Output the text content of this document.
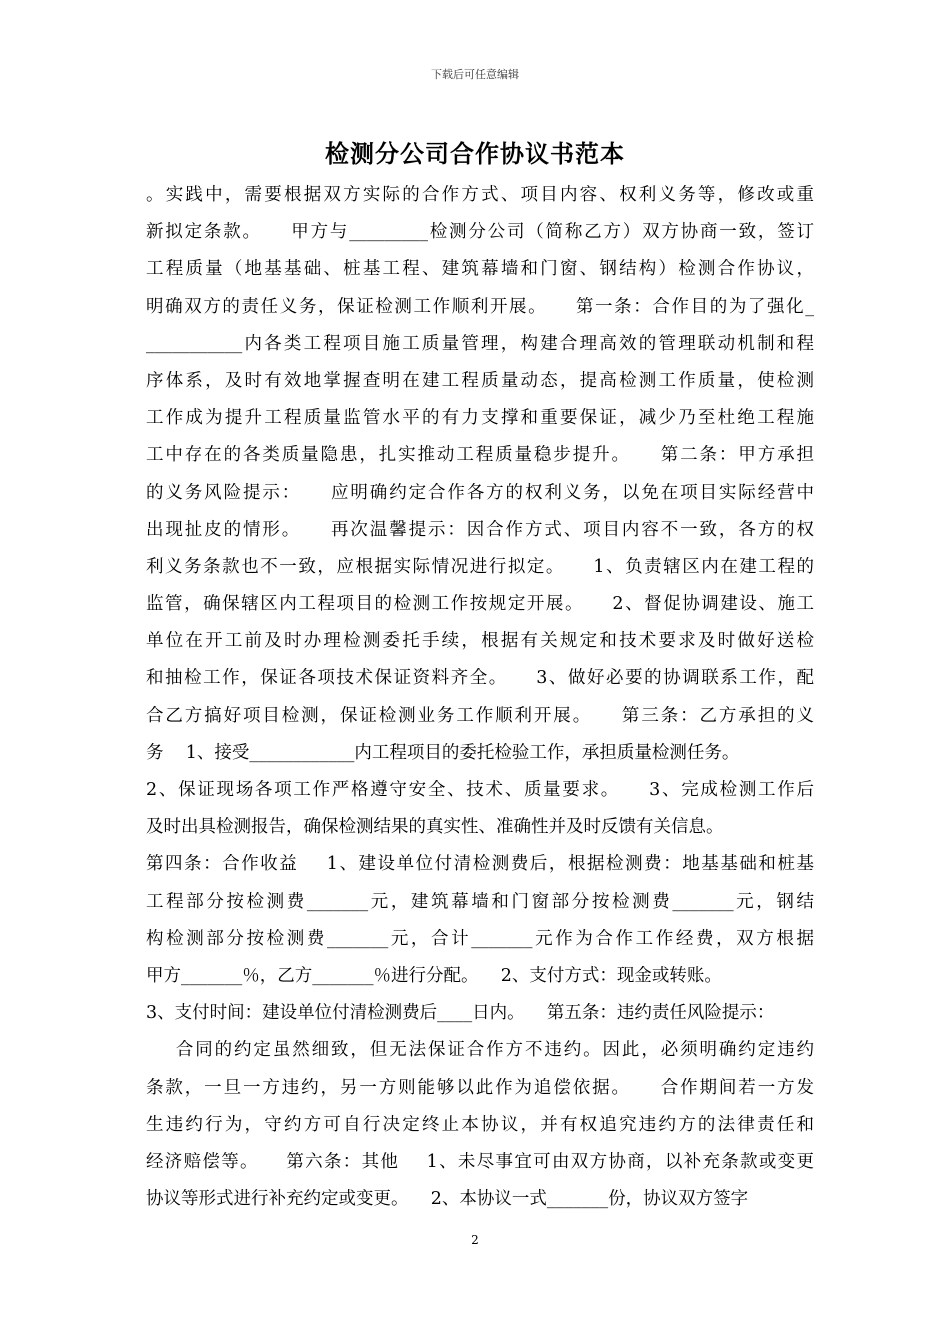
下载后可任意编辑
检测分公司合作协议书范本
。实践中，需要根据双方实际的合作方式、项目内容、权利义务等，修改或重
新拟定条款。    甲方与_________检测分公司（简称乙方）双方协商一致，签订
工程质量（地基基础、桩基工程、建筑幕墙和门窗、钢结构）检测合作协议，
明确双方的责任义务，保证检测工作顺利开展。    第一条：合作目的为了强化_
___________内各类工程项目施工质量管理，构建合理高效的管理联动机制和程
序体系，及时有效地掌握查明在建工程质量动态，提高检测工作质量，使检测
工作成为提升工程质量监管水平的有力支撑和重要保证，减少乃至杜绝工程施
工中存在的各类质量隐患，扎实推动工程质量稳步提升。    第二条：甲方承担
的义务风险提示：    应明确约定合作各方的权利义务，以免在项目实际经营中
出现扯皮的情形。    再次温馨提示：因合作方式、项目内容不一致，各方的权
利义务条款也不一致，应根据实际情况进行拟定。    1、负责辖区内在建工程的
监管，确保辖区内工程项目的检测工作按规定开展。    2、督促协调建设、施工
单位在开工前及时办理检测委托手续，根据有关规定和技术要求及时做好送检
和抽检工作，保证各项技术保证资料齐全。    3、做好必要的协调联系工作，配
合乙方搞好项目检测，保证检测业务工作顺利开展。    第三条：乙方承担的义
务    1、接受____________内工程项目的委托检验工作，承担质量检测任务。
2、保证现场各项工作严格遵守安全、技术、质量要求。    3、完成检测工作后
及时出具检测报告，确保检测结果的真实性、准确性并及时反馈有关信息。
第四条：合作收益    1、建设单位付清检测费后，根据检测费：地基基础和桩基
工程部分按检测费_______元，建筑幕墙和门窗部分按检测费_______元，钢结
构检测部分按检测费_______元，合计_______元作为合作工作经费，双方根据
甲方_______％，乙方_______％进行分配。    2、支付方式：现金或转账。
3、支付时间：建设单位付清检测费后____日内。    第五条：违约责任风险提示：
合同的约定虽然细致，但无法保证合作方不违约。因此，必须明确约定违约
条款，一旦一方违约，另一方则能够以此作为追偿依据。    合作期间若一方发
生违约行为，守约方可自行决定终止本协议，并有权追究违约方的法律责任和
经济赔偿等。    第六条：其他    1、未尽事宜可由双方协商，以补充条款或变更
协议等形式进行补充约定或变更。    2、本协议一式_______份，协议双方签字
2
